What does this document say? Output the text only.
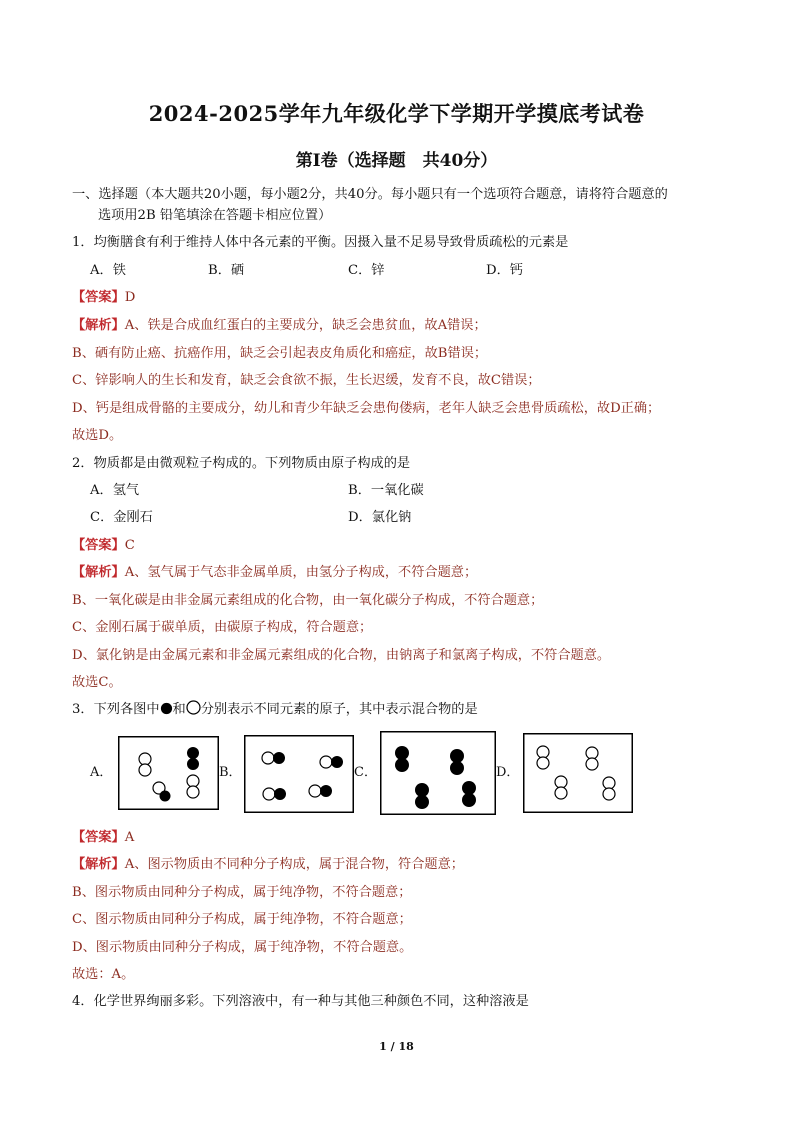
2024-2025学年九年级化学下学期开学摸底考试卷
第Ⅰ卷（选择题　共40分）
一、选择题（本大题共20小题，每小题2分，共40分。每小题只有一个选项符合题意，请将符合题意的
选项用2B 铅笔填涂在答题卡相应位置）
1．均衡膳食有利于维持人体中各元素的平衡。因摄入量不足易导致骨质疏松的元素是
A．铁	B．硒	C．锌	D．钙
【答案】D
【解析】A、铁是合成血红蛋白的主要成分，缺乏会患贫血，故A错误；
B、硒有防止癌、抗癌作用，缺乏会引起表皮角质化和癌症，故B错误；
C、锌影响人的生长和发育，缺乏会食欲不振，生长迟缓，发育不良，故C错误；
D、钙是组成骨骼的主要成分，幼儿和青少年缺乏会患佝偻病，老年人缺乏会患骨质疏松，故D正确；
故选D。
2．物质都是由微观粒子构成的。下列物质由原子构成的是
A．氢气	B．一氧化碳
C．金刚石	D．氯化钠
【答案】C
【解析】A、氢气属于气态非金属单质，由氢分子构成，不符合题意；
B、一氧化碳是由非金属元素组成的化合物，由一氧化碳分子构成，不符合题意；
C、金刚石属于碳单质，由碳原子构成，符合题意；
D、氯化钠是由金属元素和非金属元素组成的化合物，由钠离子和氯离子构成，不符合题意。
故选C。
3．下列各图中 和 分别表示不同元素的原子，其中表示混合物的是
A．	B．	C．	D．
【答案】A
【解析】A、图示物质由不同种分子构成，属于混合物，符合题意；
B、图示物质由同种分子构成，属于纯净物，不符合题意；
C、图示物质由同种分子构成，属于纯净物，不符合题意；
D、图示物质由同种分子构成，属于纯净物，不符合题意。
故选：A。
4．化学世界绚丽多彩。下列溶液中，有一种与其他三种颜色不同，这种溶液是
1 / 18
